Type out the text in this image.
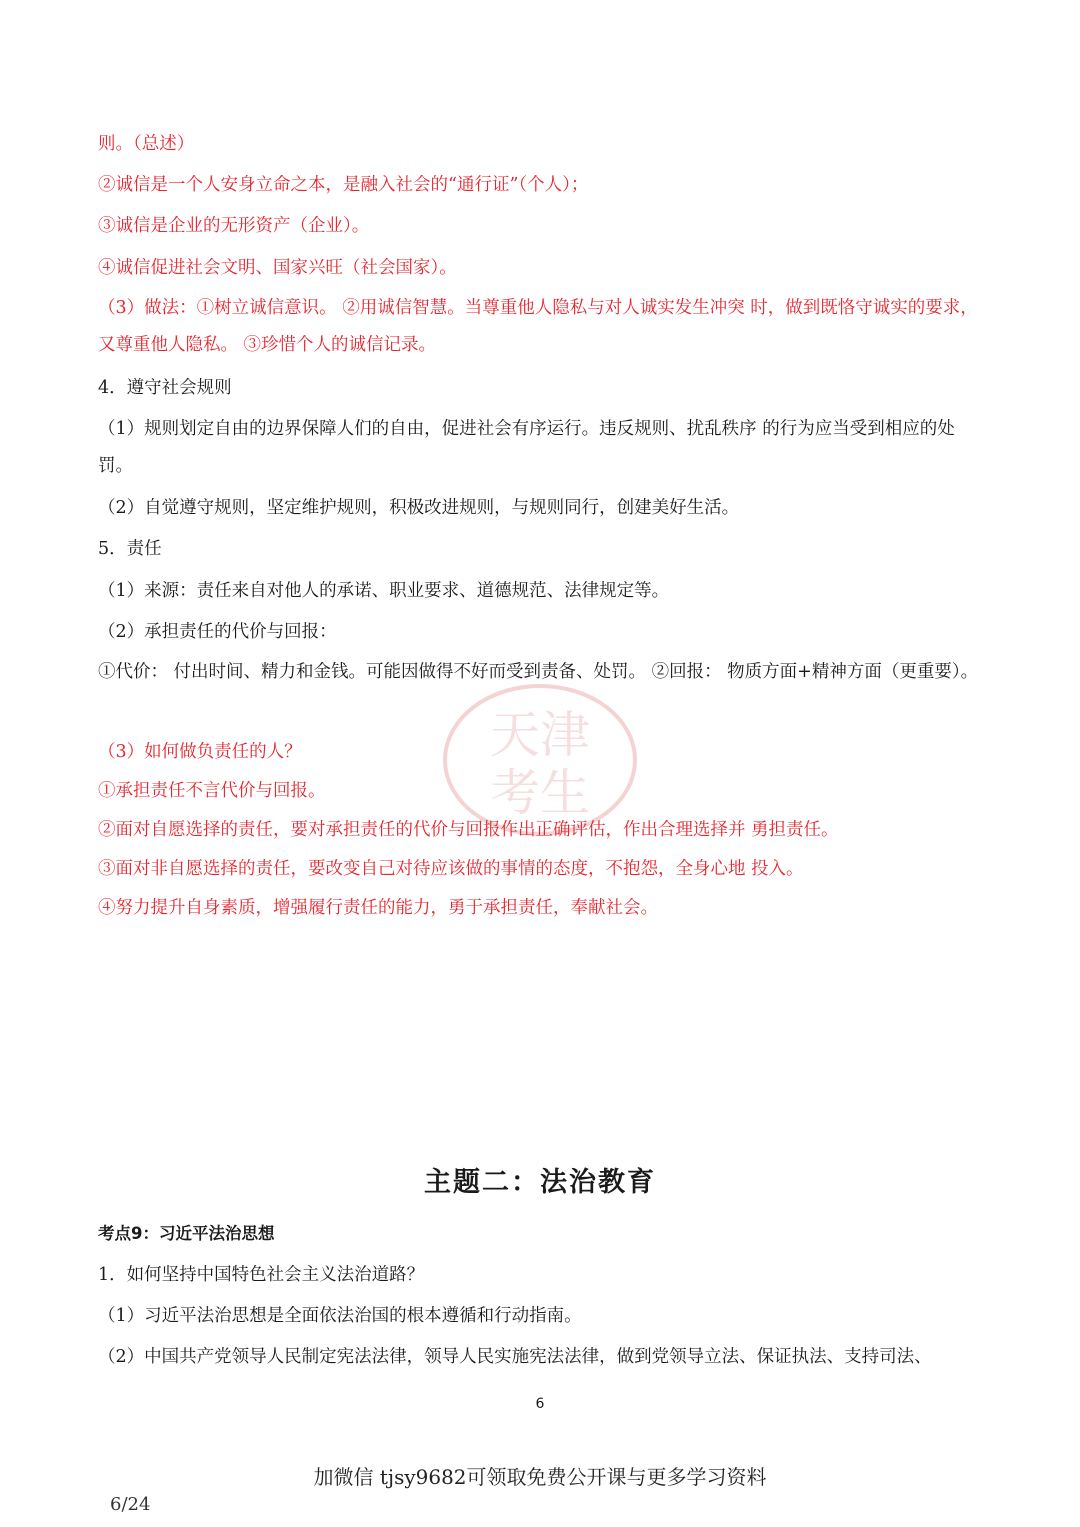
天津
考生
则。（总述）
②诚信是一个人安身立命之本，是融入社会的“通行证”（个人）；
③诚信是企业的无形资产（企业）。
④诚信促进社会文明、国家兴旺（社会国家）。
（3）做法：①树立诚信意识。 ②用诚信智慧。当尊重他人隐私与对人诚实发生冲突 时，做到既恪守诚实的要求，又尊重他人隐私。 ③珍惜个人的诚信记录。
4．遵守社会规则
（1）规则划定自由的边界保障人们的自由，促进社会有序运行。违反规则、扰乱秩序 的行为应当受到相应的处罚。
（2）自觉遵守规则，坚定维护规则，积极改进规则，与规则同行，创建美好生活。
5．责任
（1）来源：责任来自对他人的承诺、职业要求、道德规范、法律规定等。
（2）承担责任的代价与回报：
①代价： 付出时间、精力和金钱。可能因做得不好而受到责备、处罚。 ②回报： 物质方面+精神方面（更重要）。
（3）如何做负责任的人？
①承担责任不言代价与回报。
②面对自愿选择的责任，要对承担责任的代价与回报作出正确评估，作出合理选择并 勇担责任。
③面对非自愿选择的责任，要改变自己对待应该做的事情的态度，不抱怨，全身心地 投入。
④努力提升自身素质，增强履行责任的能力，勇于承担责任，奉献社会。
主题二：法治教育
考点9：习近平法治思想
1．如何坚持中国特色社会主义法治道路？
（1）习近平法治思想是全面依法治国的根本遵循和行动指南。
（2）中国共产党领导人民制定宪法法律，领导人民实施宪法法律，做到党领导立法、保证执法、支持司法、
6
加微信 tjsy9682可领取免费公开课与更多学习资料
6/24
